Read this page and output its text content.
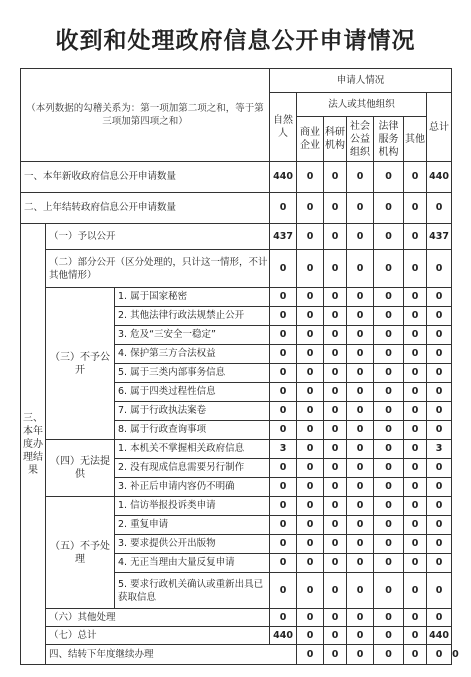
收到和处理政府信息公开申请情况
（本列数据的勾稽关系为：第一项加第二项之和，等于第三项加第四项之和）			申请人情况							
			自然人	法人或其他组织					总计	
				商业企业	科研机构	社会公益组织	法律服务机构	其他		
一、本年新收政府信息公开申请数量			440	0	0	0	0	0	440	
二、上年结转政府信息公开申请数量			0	0	0	0	0	0	0	
三、本年度办理结果	（一）予以公开		437	0	0	0	0	0	437	
	（二）部分公开（区分处理的，只计这一情形，不计其他情形）		0	0	0	0	0	0	0	
	（三）不予公开	1. 属于国家秘密	0	0	0	0	0	0	0	
		2. 其他法律行政法规禁止公开	0	0	0	0	0	0	0	
		3. 危及“三安全一稳定”	0	0	0	0	0	0	0	
		4. 保护第三方合法权益	0	0	0	0	0	0	0	
		5. 属于三类内部事务信息	0	0	0	0	0	0	0	
		6. 属于四类过程性信息	0	0	0	0	0	0	0	
		7. 属于行政执法案卷	0	0	0	0	0	0	0	
		8. 属于行政查询事项	0	0	0	0	0	0	0	
	（四）无法提供	1. 本机关不掌握相关政府信息	3	0	0	0	0	0	3	
		2. 没有现成信息需要另行制作	0	0	0	0	0	0	0	
		3. 补正后申请内容仍不明确	0	0	0	0	0	0	0	
	（五）不予处理	1. 信访举报投诉类申请	0	0	0	0	0	0	0	
		2. 重复申请	0	0	0	0	0	0	0	
		3. 要求提供公开出版物	0	0	0	0	0	0	0	
		4. 无正当理由大量反复申请	0	0	0	0	0	0	0	
		5. 要求行政机关确认或重新出具已获取信息	0	0	0	0	0	0	0	
	（六）其他处理		0	0	0	0	0	0	0	
	（七）总计		440	0	0	0	0	0	440	
	四、结转下年度继续办理			0	0	0	0	0	0	0
